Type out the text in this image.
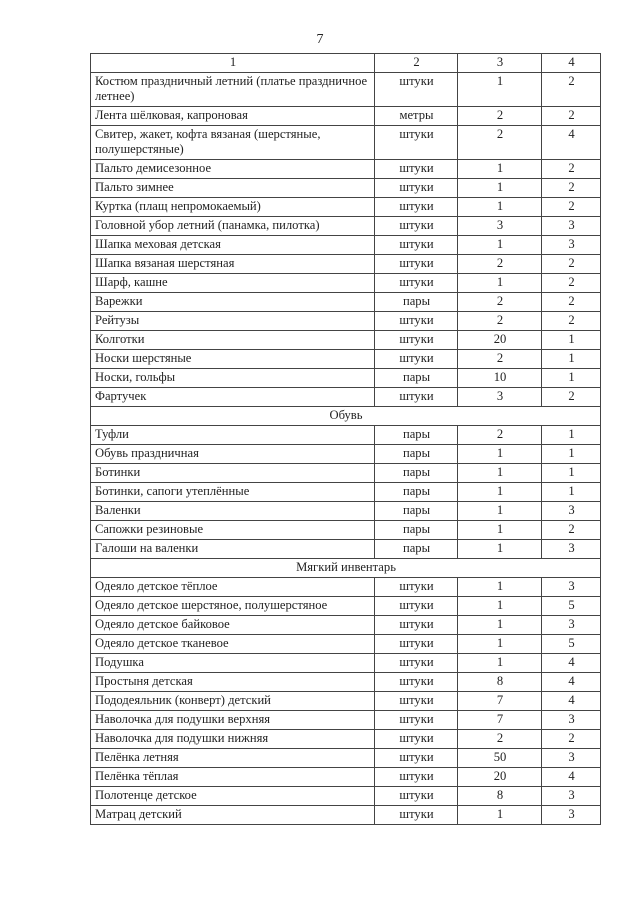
7
1	2	3	4
Костюм праздничный летний (платье праздничное летнее)	штуки	1	2
Лента шёлковая, капроновая	метры	2	2
Свитер, жакет, кофта вязаная (шерстяные, полушерстяные)	штуки	2	4
Пальто демисезонное	штуки	1	2
Пальто зимнее	штуки	1	2
Куртка (плащ непромокаемый)	штуки	1	2
Головной убор летний (панамка, пилотка)	штуки	3	3
Шапка меховая детская	штуки	1	3
Шапка вязаная шерстяная	штуки	2	2
Шарф, кашне	штуки	1	2
Варежки	пары	2	2
Рейтузы	штуки	2	2
Колготки	штуки	20	1
Носки шерстяные	штуки	2	1
Носки, гольфы	пары	10	1
Фартучек	штуки	3	2
Обувь			
Туфли	пары	2	1
Обувь праздничная	пары	1	1
Ботинки	пары	1	1
Ботинки, сапоги утеплённые	пары	1	1
Валенки	пары	1	3
Сапожки резиновые	пары	1	2
Галоши на валенки	пары	1	3
Мягкий инвентарь			
Одеяло детское тёплое	штуки	1	3
Одеяло детское шерстяное, полушерстяное	штуки	1	5
Одеяло детское байковое	штуки	1	3
Одеяло детское тканевое	штуки	1	5
Подушка	штуки	1	4
Простыня детская	штуки	8	4
Пододеяльник (конверт) детский	штуки	7	4
Наволочка для подушки верхняя	штуки	7	3
Наволочка для подушки нижняя	штуки	2	2
Пелёнка летняя	штуки	50	3
Пелёнка тёплая	штуки	20	4
Полотенце детское	штуки	8	3
Матрац детский	штуки	1	3
